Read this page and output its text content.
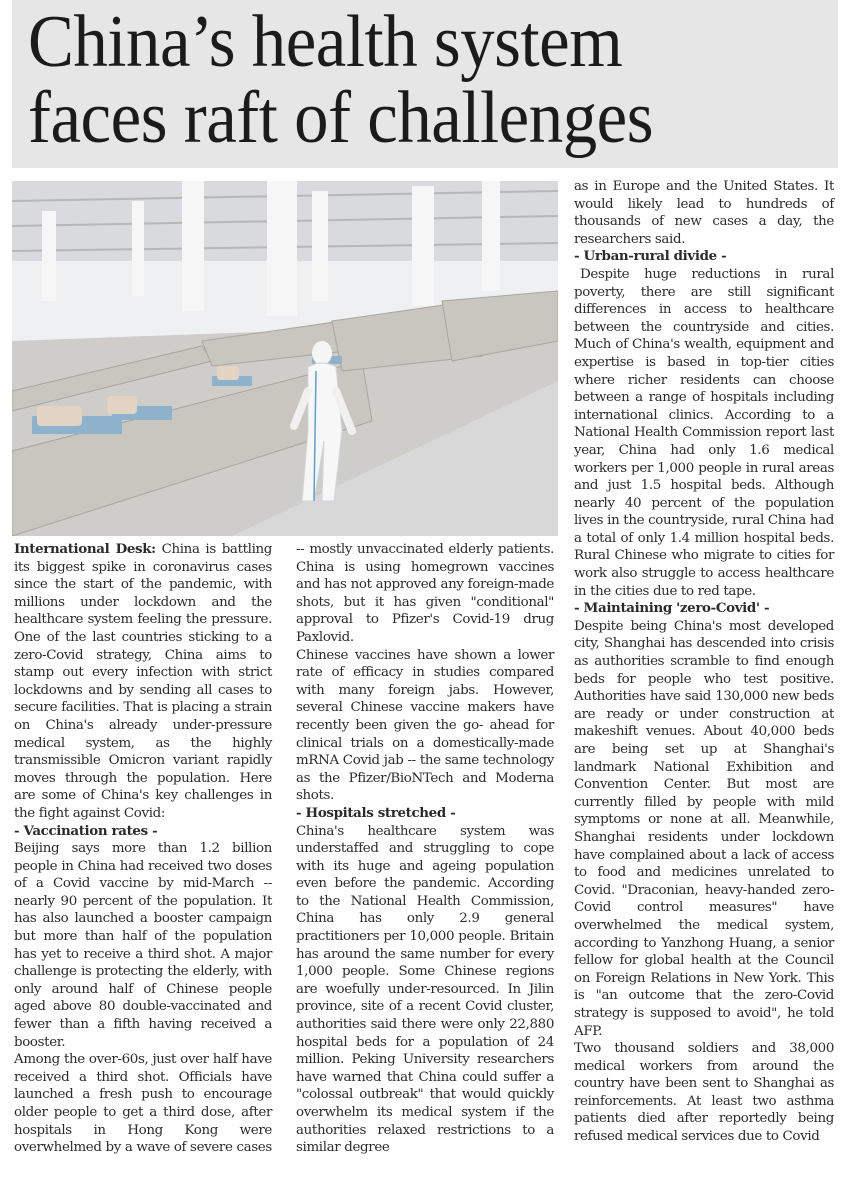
China’s health system
faces raft of challenges

International Desk: China is battling its biggest spike in coronavirus cases since the start of the pandemic, with millions under lockdown and the healthcare system feeling the pressure. One of the last countries sticking to a zero-Covid strategy, China aims to stamp out every infection with strict lockdowns and by sending all cases to secure facilities. That is placing a strain on China's already under-pressure medical system, as the highly transmissible Omicron variant rapidly moves through the population. Here are some of China's key challenges in the fight against Covid:

- Vaccination rates -

Beijing says more than 1.2 billion people in China had received two doses of a Covid vaccine by mid-March -- nearly 90 percent of the population. It has also launched a booster campaign but more than half of the population has yet to receive a third shot. A major challenge is protecting the elderly, with only around half of Chinese people aged above 80 double-vaccinated and fewer than a fifth having received a booster.

Among the over-60s, just over half have received a third shot. Officials have launched a fresh push to encourage older people to get a third dose, after hospitals in Hong Kong were overwhelmed by a wave of severe cases

-- mostly unvaccinated elderly patients. China is using homegrown vaccines and has not approved any foreign-made shots, but it has given "conditional" approval to Pfizer's Covid-19 drug Paxlovid.

Chinese vaccines have shown a lower rate of efficacy in studies compared with many foreign jabs. However, several Chinese vaccine makers have recently been given the go- ahead for clinical trials on a domestically-made mRNA Covid jab -- the same technology as the Pfizer/BioNTech and Moderna shots.

- Hospitals stretched -

China's healthcare system was understaffed and struggling to cope with its huge and ageing population even before the pandemic. According to the National Health Commission, China has only 2.9 general practitioners per 10,000 people. Britain has around the same number for every 1,000 people. Some Chinese regions are woefully under-resourced. In Jilin province, site of a recent Covid cluster, authorities said there were only 22,880 hospital beds for a population of 24 million. Peking University researchers have warned that China could suffer a "colossal outbreak" that would quickly overwhelm its medical system if the authorities relaxed restrictions to a similar degree

as in Europe and the United States. It would likely lead to hundreds of thousands of new cases a day, the researchers said.

- Urban-rural divide -

Despite huge reductions in rural poverty, there are still significant differences in access to healthcare between the countryside and cities. Much of China's wealth, equipment and expertise is based in top-tier cities where richer residents can choose between a range of hospitals including international clinics. According to a National Health Commission report last year, China had only 1.6 medical workers per 1,000 people in rural areas and just 1.5 hospital beds. Although nearly 40 percent of the population lives in the countryside, rural China had a total of only 1.4 million hospital beds. Rural Chinese who migrate to cities for work also struggle to access healthcare in the cities due to red tape.

- Maintaining 'zero-Covid' -

Despite being China's most developed city, Shanghai has descended into crisis as authorities scramble to find enough beds for people who test positive. Authorities have said 130,000 new beds are ready or under construction at makeshift venues. About 40,000 beds are being set up at Shanghai's landmark National Exhibition and Convention Center. But most are currently filled by people with mild symptoms or none at all. Meanwhile, Shanghai residents under lockdown have complained about a lack of access to food and medicines unrelated to Covid. "Draconian, heavy-handed zero-Covid control measures" have overwhelmed the medical system, according to Yanzhong Huang, a senior fellow for global health at the Council on Foreign Relations in New York. This is "an outcome that the zero-Covid strategy is supposed to avoid", he told AFP.

Two thousand soldiers and 38,000 medical workers from around the country have been sent to Shanghai as reinforcements. At least two asthma patients died after reportedly being refused medical services due to Covid
